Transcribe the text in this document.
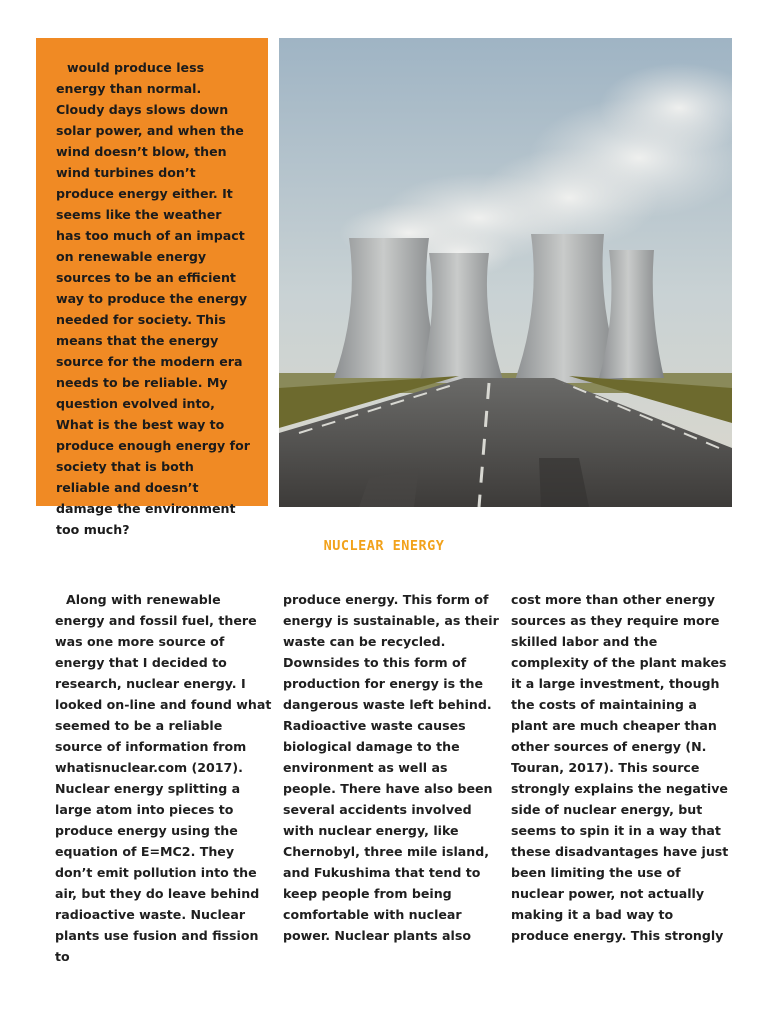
would produce less energy than normal. Cloudy days slows down solar power, and when the wind doesn’t blow, then wind turbines don’t produce energy either. It seems like the weather has too much of an impact on renewable energy sources to be an efficient way to produce the energy needed for society. This means that the energy source for the modern era needs to be reliable. My question evolved into, What is the best way to produce enough energy for society that is both reliable and doesn’t damage the environment too much?

NUCLEAR ENERGY

Along with renewable energy and fossil fuel, there was one more source of energy that I decided to research, nuclear energy. I looked on-line and found what seemed to be a reliable source of information from whatisnuclear.com (2017). Nuclear energy splitting a large atom into pieces to produce energy using the equation of E=MC2. They don’t emit pollution into the air, but they do leave behind radioactive waste. Nuclear plants use fusion and fission to

produce energy. This form of energy is sustainable, as their waste can be recycled. Downsides to this form of production for energy is the dangerous waste left behind. Radioactive waste causes biological damage to the environment as well as people. There have also been several accidents involved with nuclear energy, like Chernobyl, three mile island, and Fukushima that tend to keep people from being comfortable with nuclear power. Nuclear plants also

cost more than other energy sources as they require more skilled labor and the complexity of the plant makes it a large investment, though the costs of maintaining a plant are much cheaper than other sources of energy (N. Touran, 2017). This source strongly explains the negative side of nuclear energy, but seems to spin it in a way that these disadvantages have just been limiting the use of nuclear power, not actually making it a bad way to produce energy. This strongly
